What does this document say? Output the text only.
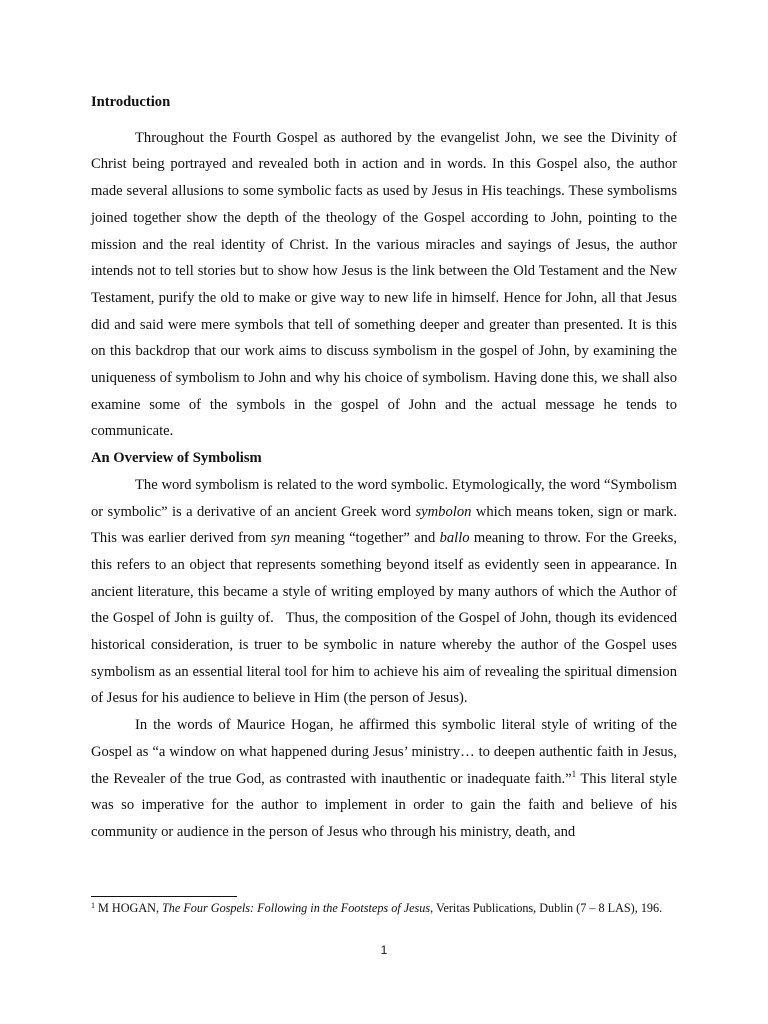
Introduction

Throughout the Fourth Gospel as authored by the evangelist John, we see the Divinity of Christ being portrayed and revealed both in action and in words. In this Gospel also, the author made several allusions to some symbolic facts as used by Jesus in His teachings. These symbolisms joined together show the depth of the theology of the Gospel according to John, pointing to the mission and the real identity of Christ. In the various miracles and sayings of Jesus, the author intends not to tell stories but to show how Jesus is the link between the Old Testament and the New Testament, purify the old to make or give way to new life in himself. Hence for John, all that Jesus did and said were mere symbols that tell of something deeper and greater than presented. It is this on this backdrop that our work aims to discuss symbolism in the gospel of John, by examining the uniqueness of symbolism to John and why his choice of symbolism. Having done this, we shall also examine some of the symbols in the gospel of John and the actual message he tends to communicate.

An Overview of Symbolism

The word symbolism is related to the word symbolic. Etymologically, the word “Symbolism or symbolic” is a derivative of an ancient Greek word symbolon which means token, sign or mark. This was earlier derived from syn meaning “together” and ballo meaning to throw. For the Greeks, this refers to an object that represents something beyond itself as evidently seen in appearance. In ancient literature, this became a style of writing employed by many authors of which the Author of the Gospel of John is guilty of.   Thus, the composition of the Gospel of John, though its evidenced historical consideration, is truer to be symbolic in nature whereby the author of the Gospel uses symbolism as an essential literal tool for him to achieve his aim of revealing the spiritual dimension of Jesus for his audience to believe in Him (the person of Jesus).

In the words of Maurice Hogan, he affirmed this symbolic literal style of writing of the Gospel as “a window on what happened during Jesus’ ministry… to deepen authentic faith in Jesus, the Revealer of the true God, as contrasted with inauthentic or inadequate faith.”$^1$ This literal style was so imperative for the author to implement in order to gain the faith and believe of his community or audience in the person of Jesus who through his ministry, death, and

$^1$ M HOGAN, The Four Gospels: Following in the Footsteps of Jesus, Veritas Publications, Dublin (7 – 8 LAS), 196.
1
